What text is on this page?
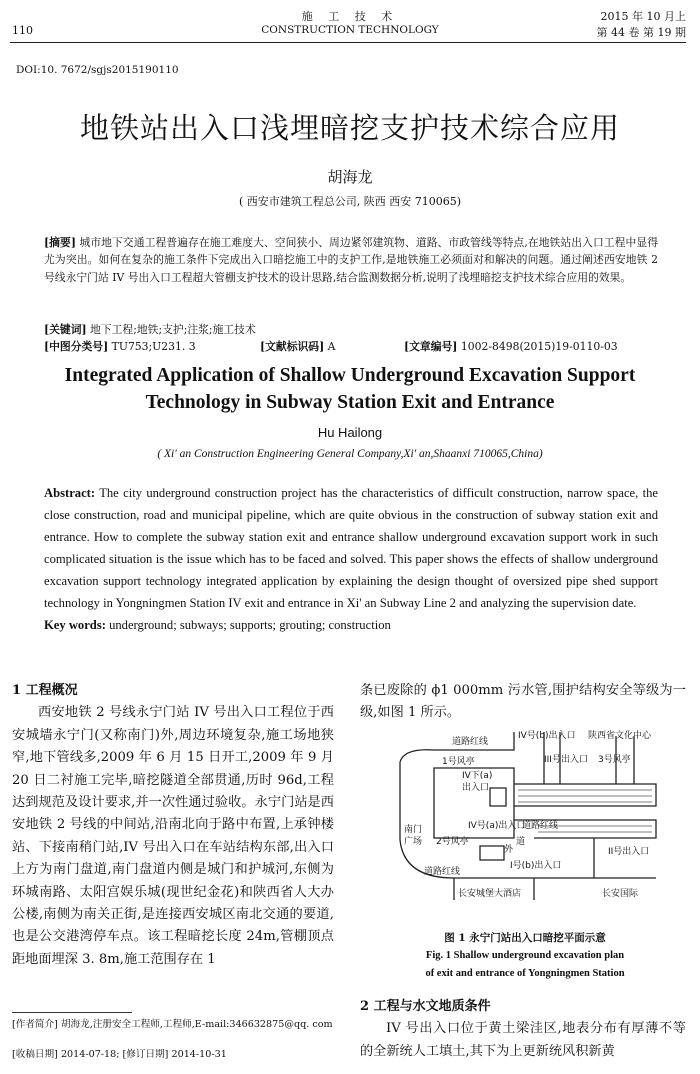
110
施 工 技 术
CONSTRUCTION TECHNOLOGY
2015 年 10 月上
第 44 卷 第 19 期
DOI:10. 7672/sgjs2015190110
地铁站出入口浅埋暗挖支护技术综合应用
胡海龙
( 西安市建筑工程总公司, 陕西 西安 710065)
[摘要] 城市地下交通工程普遍存在施工难度大、空间狭小、周边紧邻建筑物、道路、市政管线等特点,在地铁站出入口工程中显得尤为突出。如何在复杂的施工条件下完成出入口暗挖施工中的支护工作,是地铁施工必须面对和解决的问题。通过阐述西安地铁 2 号线永宁门站 IV 号出入口工程超大管棚支护技术的设计思路,结合监测数据分析,说明了浅埋暗挖支护技术综合应用的效果。
[关键词] 地下工程;地铁;支护;注浆;施工技术
[中图分类号] TU753;U231. 3	[文献标识码] A	[文章编号] 1002-8498(2015)19-0110-03
Integrated Application of Shallow Underground Excavation Support
Technology in Subway Station Exit and Entrance
Hu Hailong
( Xi' an Construction Engineering General Company,Xi' an,Shaanxi 710065,China)
Abstract: The city underground construction project has the characteristics of difficult construction, narrow space, the close construction, road and municipal pipeline, which are quite obvious in the construction of subway station exit and entrance. How to complete the subway station exit and entrance shallow underground excavation support work in such complicated situation is the issue which has to be faced and solved. This paper shows the effects of shallow underground excavation support technology integrated application by explaining the design thought of oversized pipe shed support technology in Yongningmen Station IV exit and entrance in Xi' an Subway Line 2 and analyzing the supervision date.
Key words: underground; subways; supports; grouting; construction
1 工程概况
西安地铁 2 号线永宁门站 IV 号出入口工程位于西安城墙永宁门(又称南门)外,周边环境复杂,施工场地狭窄,地下管线多,2009 年 6 月 15 日开工,2009 年 9 月 20 日二衬施工完毕,暗挖隧道全部贯通,历时 96d,工程达到规范及设计要求,并一次性通过验收。永宁门站是西安地铁 2 号线的中间站,沿南北向于路中布置,上承钟楼站、下接南稍门站,IV 号出入口在车站结构东部,出入口上方为南门盘道,南门盘道内侧是城门和护城河,东侧为环城南路、太阳宫娱乐城(现世纪金花)和陕西省人大办公楼,南侧为南关正街,是连接西安城区南北交通的要道,也是公交港湾停车点。该工程暗挖长度 24m,管棚顶点距地面埋深 3. 8m,施工范围存在 1
[作者简介] 胡海龙,注册安全工程师,工程师,E-mail:346632875@qq. com
[收稿日期] 2014-07-18; [修订日期] 2014-10-31
条已废除的 ϕ1 000mm 污水管,围护结构安全等级为一级,如图 1 所示。
道路红线
IV号(b)出入口 陕西省文化中心
1号风亭
IV下(a)
出入口
III号出入口 3号风亭
南门
广场 2号风亭
IV号(a)出入口
道路红线
II号出入口
外
道
I号(b)出入口
道路红线
长安城堡大酒店	长安国际
图 1 永宁门站出入口暗挖平面示意
Fig. 1 Shallow underground excavation plan
of exit and entrance of Yongningmen Station
2 工程与水文地质条件
IV 号出入口位于黄土梁洼区,地表分布有厚薄不等的全新统人工填土,其下为上更新统风积新黄
